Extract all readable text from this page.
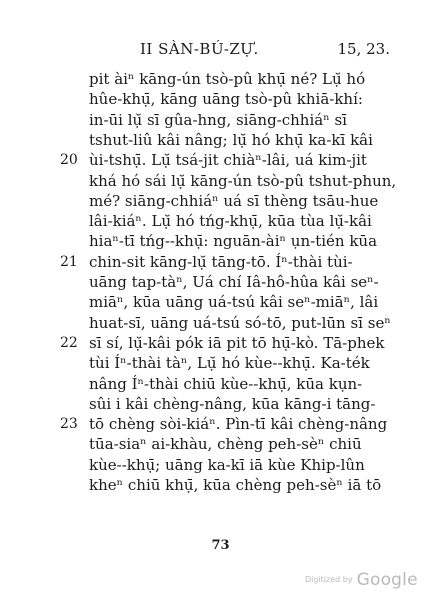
II SÀN-BÚ-ZỰ.	15, 23.
pit àiⁿ kāng-ún tsò-pû khụ̄ né? Lụ̆ hó
hûe-khụ̄, kāng uāng tsò-pû khiā-khí:
in-ūi lụ̆ sī gûa-hng, siāng-chhiáⁿ sī
tshut-liû kâi nâng; lụ̆ hó khụ̄ ka-kī kâi
20 ùi-tshụ̄. Lụ̆ tsá-jit chiàⁿ-lâi, uá kim-jit
khá hó sái lụ̆ kāng-ún tsò-pû tshut-phun,
mé? siāng-chhiáⁿ uá sī thèng tsāu-hue
lâi-kiáⁿ. Lụ̆ hó tńg-khụ̄, kūa tùa lụ̆-kâi
hiaⁿ-tī tńg--khụ̄: nguān-àiⁿ ụn-tién kūa
21 chin-sit kāng-lụ̆ tāng-tō. Íⁿ-thài tùi-
uāng tap-tàⁿ, Uá chí Iâ-hô-hûa kâi seⁿ-
miāⁿ, kūa uāng uá-tsú kâi seⁿ-miāⁿ, lâi
huat-sī, uāng uá-tsú só-tō, put-lūn sī seⁿ
22 sī sí, lụ̆-kâi pók iā pit tō hụ̄-kò. Tā-phek
tùi Íⁿ-thài tàⁿ, Lụ̆ hó kùe--khụ̄. Ka-ték
nâng Íⁿ-thài chiū kùe--khụ̄, kūa kụn-
sûi i kâi chèng-nâng, kūa kāng-i tāng-
23 tō chèng sòi-kiáⁿ. Pìn-tī kâi chèng-nâng
tūa-siaⁿ ai-khàu, chèng peh-sèⁿ chiū
kùe--khụ̄; uāng ka-kī iā kùe Khip-lûn
kheⁿ chiū khụ̄, kūa chèng peh-sèⁿ iā tō
73
Digitized by Google
